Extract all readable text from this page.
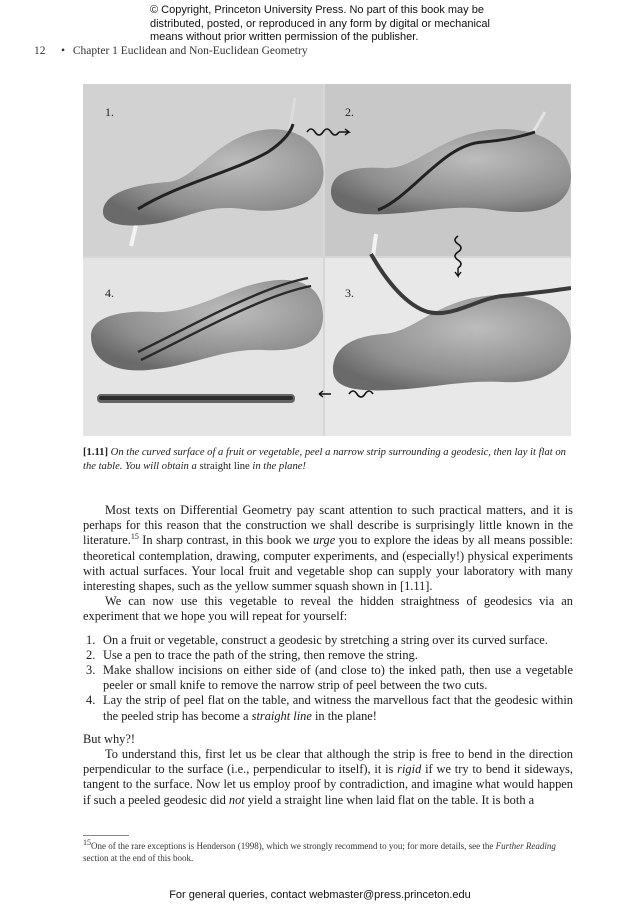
© Copyright, Princeton University Press. No part of this book may be
distributed, posted, or reproduced in any form by digital or mechanical
means without prior written permission of the publisher.
12 • Chapter 1 Euclidean and Non-Euclidean Geometry
1.	2.
3.
4.
[1.11] On the curved surface of a fruit or vegetable, peel a narrow strip surrounding a geodesic, then lay it flat on the table. You will obtain a straight line in the plane!

Most texts on Differential Geometry pay scant attention to such practical matters, and it is perhaps for this reason that the construction we shall describe is surprisingly little known in the literature.$^{15}$ In sharp contrast, in this book we urge you to explore the ideas by all means possible: theoretical contemplation, drawing, computer experiments, and (especially!) physical experiments with actual surfaces. Your local fruit and vegetable shop can supply your laboratory with many interesting shapes, such as the yellow summer squash shown in [1.11].

We can now use this vegetable to reveal the hidden straightness of geodesics via an experiment that we hope you will repeat for yourself:

1. On a fruit or vegetable, construct a geodesic by stretching a string over its curved surface.
2. Use a pen to trace the path of the string, then remove the string.
3. Make shallow incisions on either side of (and close to) the inked path, then use a vegetable peeler or small knife to remove the narrow strip of peel between the two cuts.
4. Lay the strip of peel flat on the table, and witness the marvellous fact that the geodesic within the peeled strip has become a straight line in the plane!

But why?!

To understand this, first let us be clear that although the strip is free to bend in the direction perpendicular to the surface (i.e., perpendicular to itself), it is rigid if we try to bend it sideways, tangent to the surface. Now let us employ proof by contradiction, and imagine what would happen if such a peeled geodesic did not yield a straight line when laid flat on the table. It is both a

15One of the rare exceptions is Henderson (1998), which we strongly recommend to you; for more details, see the Further Reading section at the end of this book.
For general queries, contact webmaster@press.princeton.edu
